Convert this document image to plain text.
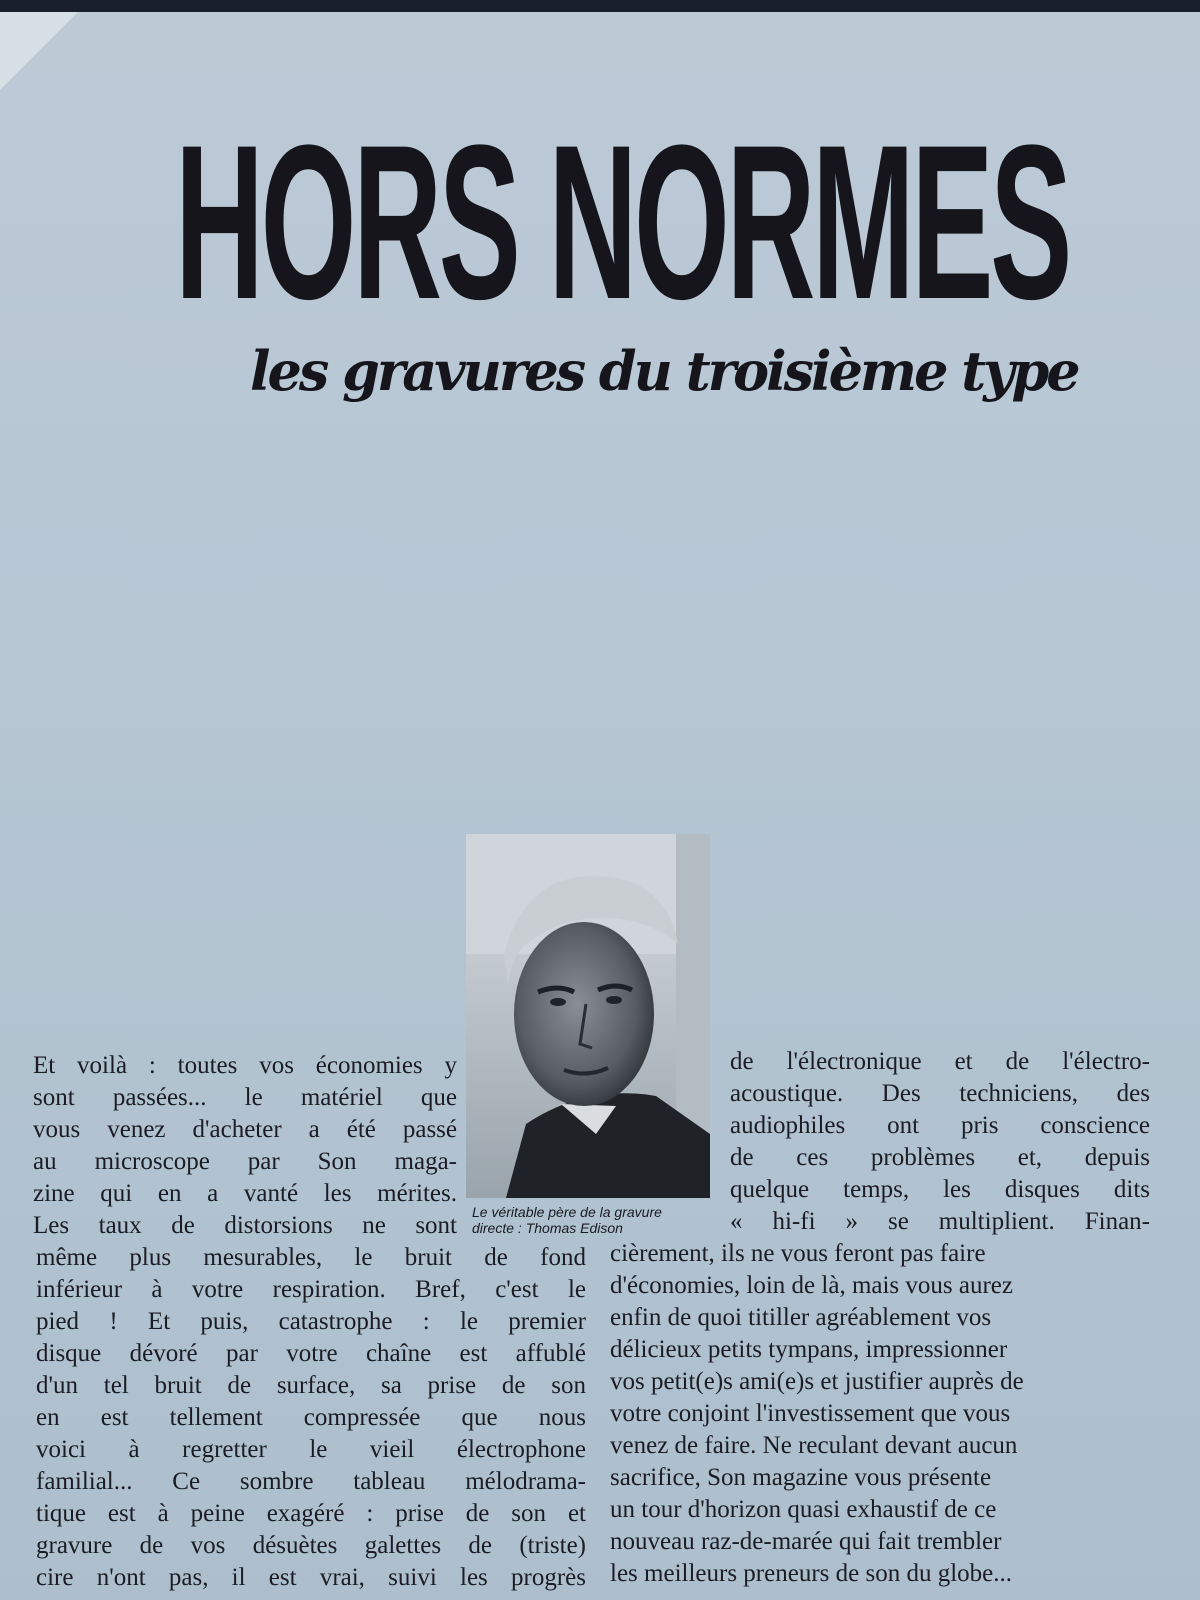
HORS NORMES
les gravures du troisième type

Le véritable père de la gravure
directe : Thomas Edison

Et voilà : toutes vos économies y
sont passées... le matériel que
vous venez d'acheter a été passé
au microscope par Son maga-
zine qui en a vanté les mérites.
Les taux de distorsions ne sont

même plus mesurables, le bruit de fond
inférieur à votre respiration. Bref, c'est le
pied ! Et puis, catastrophe : le premier
disque dévoré par votre chaîne est affublé
d'un tel bruit de surface, sa prise de son
en est tellement compressée que nous
voici à regretter le vieil électrophone
familial... Ce sombre tableau mélodrama-
tique est à peine exagéré : prise de son et
gravure de vos désuètes galettes de (triste)
cire n'ont pas, il est vrai, suivi les progrès

de l'électronique et de l'électro-
acoustique. Des techniciens, des
audiophiles ont pris conscience
de ces problèmes et, depuis
quelque temps, les disques dits
« hi-fi » se multiplient. Finan-

cièrement, ils ne vous feront pas faire
d'économies, loin de là, mais vous aurez
enfin de quoi titiller agréablement vos
délicieux petits tympans, impressionner
vos petit(e)s ami(e)s et justifier auprès de
votre conjoint l'investissement que vous
venez de faire. Ne reculant devant aucun
sacrifice, Son magazine vous présente
un tour d'horizon quasi exhaustif de ce
nouveau raz-de-marée qui fait trembler
les meilleurs preneurs de son du globe...
